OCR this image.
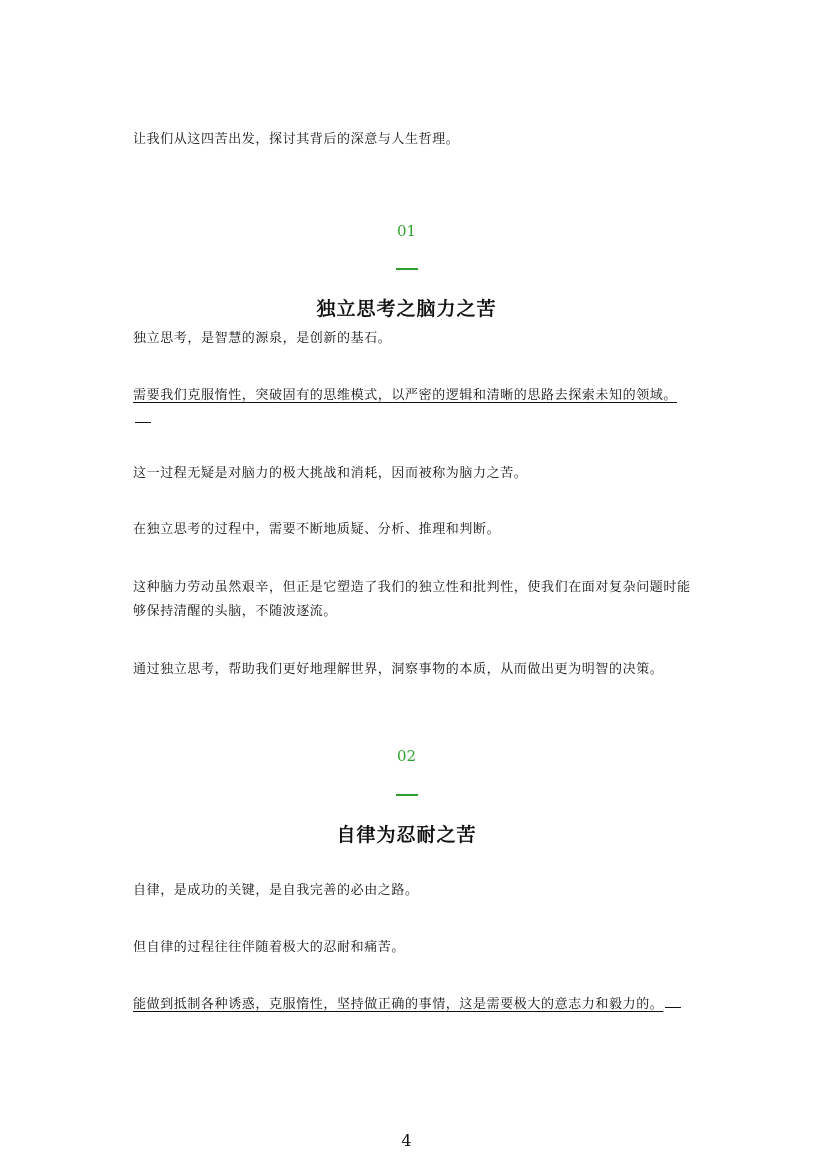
让我们从这四苦出发，探讨其背后的深意与人生哲理。

01
独立思考之脑力之苦

独立思考，是智慧的源泉，是创新的基石。

需要我们克服惰性，突破固有的思维模式，以严密的逻辑和清晰的思路去探索未知的领域。

这一过程无疑是对脑力的极大挑战和消耗，因而被称为脑力之苦。

在独立思考的过程中，需要不断地质疑、分析、推理和判断。

这种脑力劳动虽然艰辛，但正是它塑造了我们的独立性和批判性，使我们在面对复杂问题时能够保持清醒的头脑，不随波逐流。

通过独立思考，帮助我们更好地理解世界，洞察事物的本质，从而做出更为明智的决策。

02
自律为忍耐之苦

自律，是成功的关键，是自我完善的必由之路。

但自律的过程往往伴随着极大的忍耐和痛苦。

能做到抵制各种诱惑，克服惰性，坚持做正确的事情，这是需要极大的意志力和毅力的。

4
